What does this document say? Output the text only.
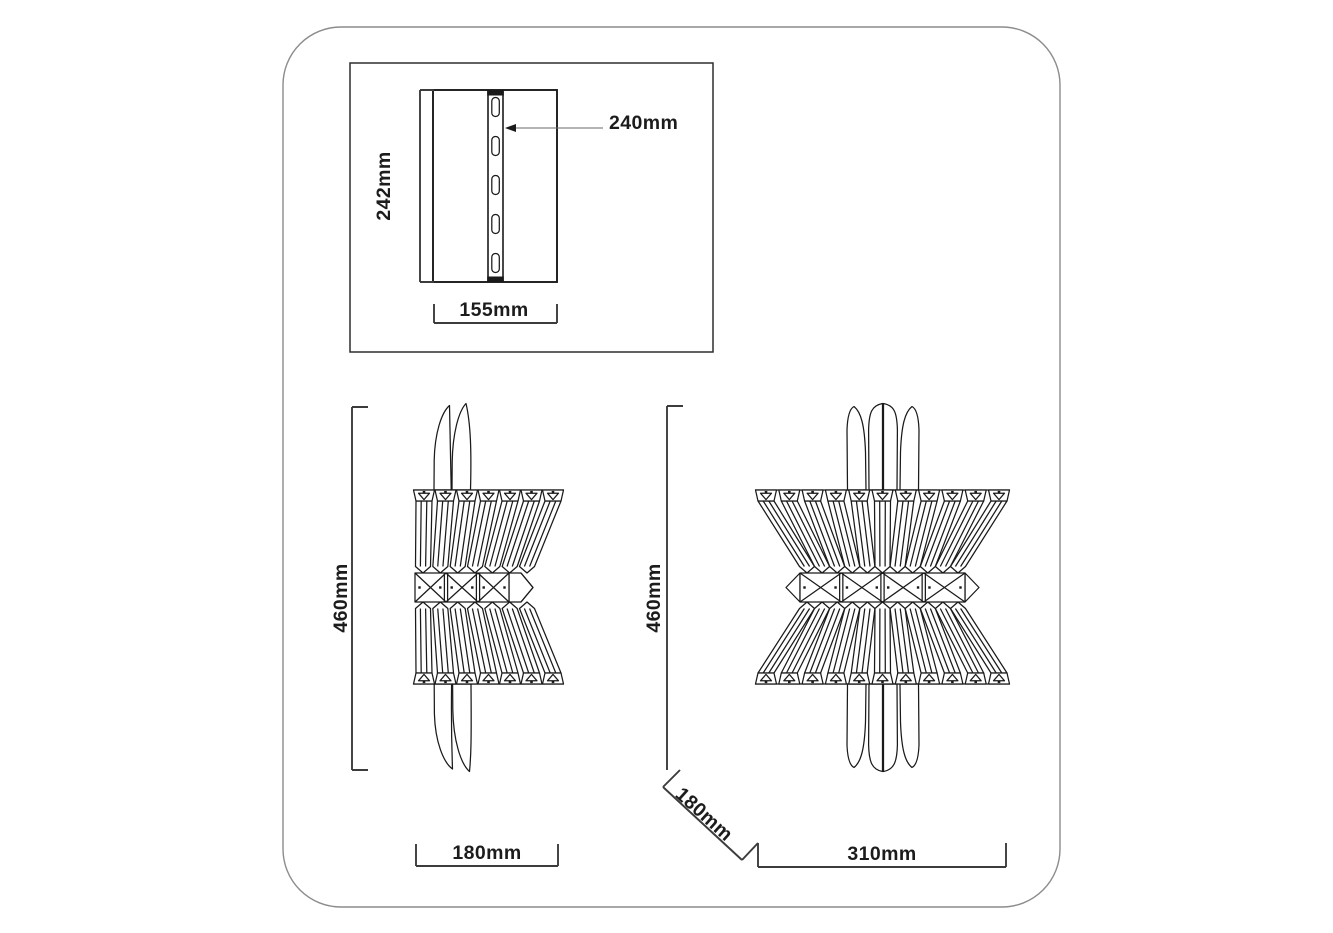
242mm
155mm
240mm
460mm
180mm
460mm
180mm
310mm
